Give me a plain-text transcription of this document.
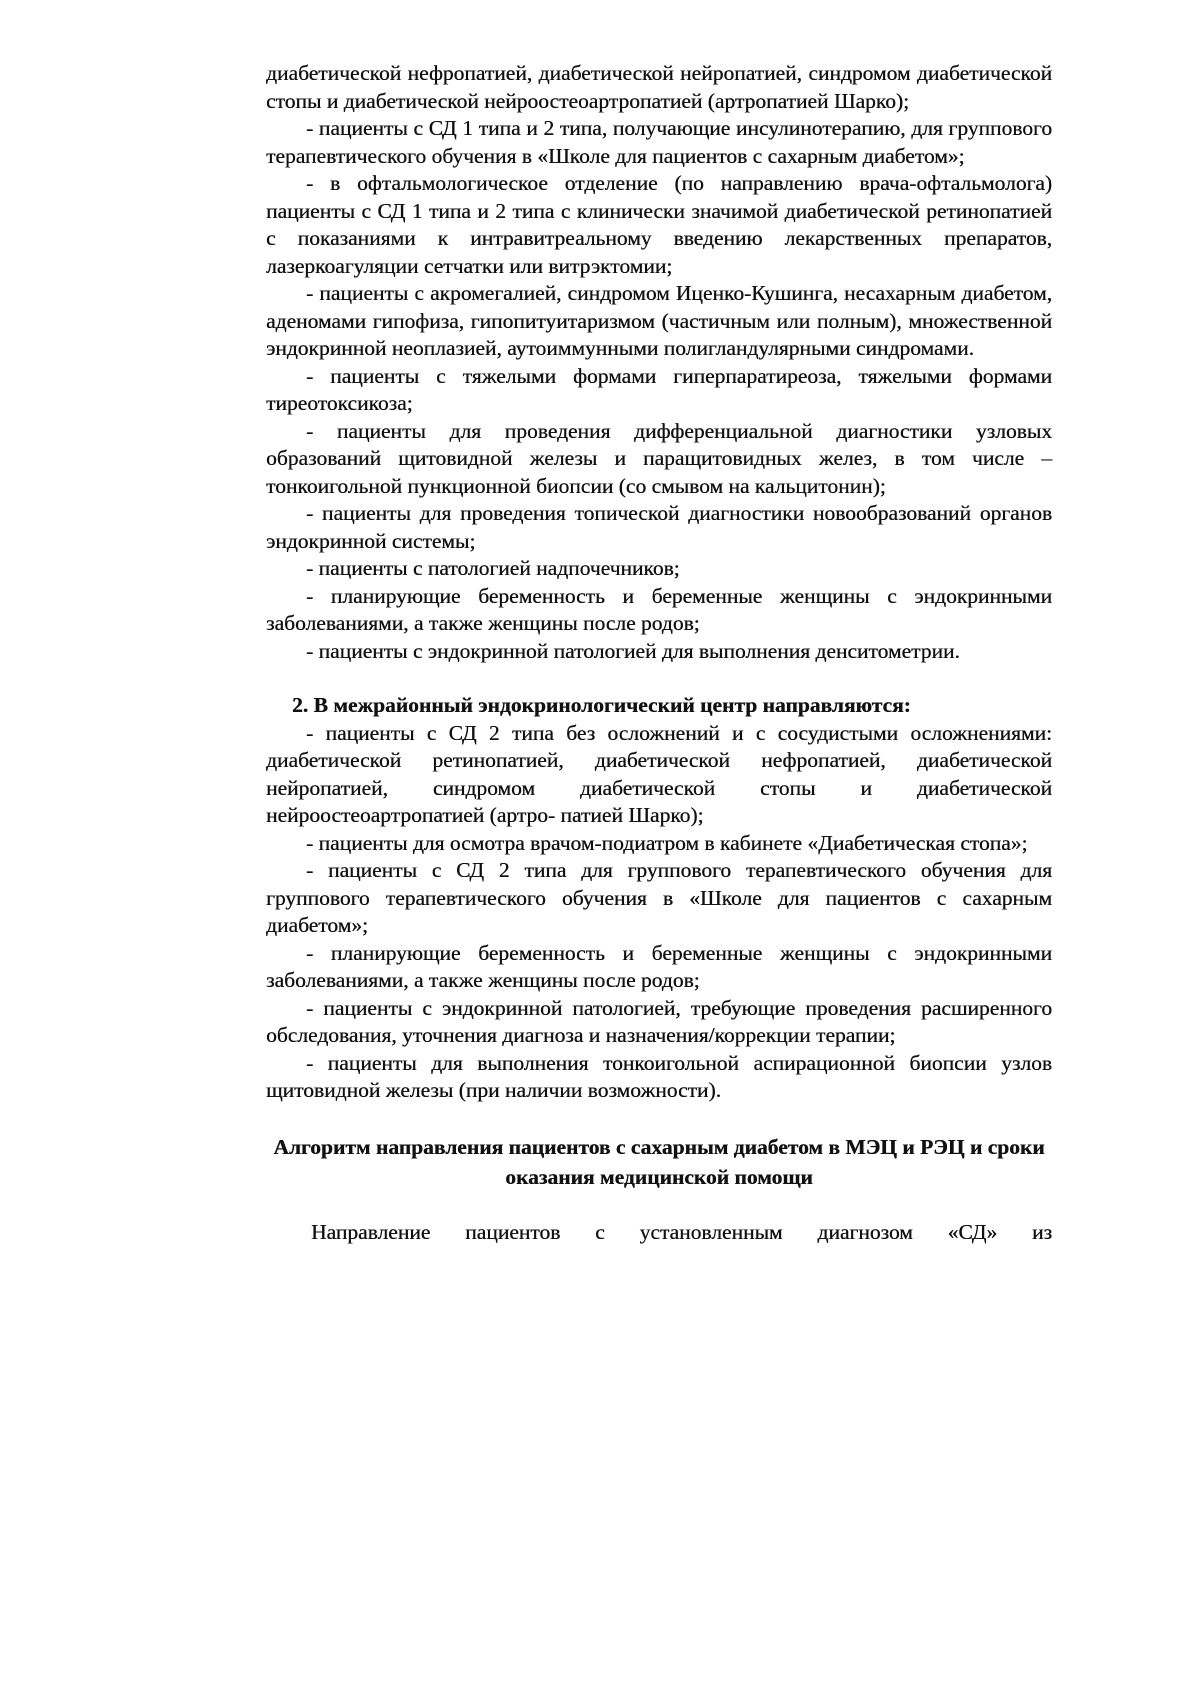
диабетической нефропатией, диабетической нейропатией, синдромом диабетической стопы и диабетической нейроостеоартропатией (артропатией Шарко);

- пациенты с СД 1 типа и 2 типа, получающие инсулинотерапию, для группового терапевтического обучения в «Школе для пациентов с сахарным диабетом»;

- в офтальмологическое отделение (по направлению врача-офтальмолога) пациенты с СД 1 типа и 2 типа с клинически значимой диабетической ретинопатией с показаниями к интравитреальному введению лекарственных препаратов, лазеркоагуляции сетчатки или витрэктомии;

- пациенты с акромегалией, синдромом Иценко-Кушинга, несахарным диабетом, аденомами гипофиза, гипопитуитаризмом (частичным или полным), множественной эндокринной неоплазией, аутоиммунными полигландулярными синдромами.

- пациенты с тяжелыми формами гиперпаратиреоза, тяжелыми формами тиреотоксикоза;

- пациенты для проведения дифференциальной диагностики узловых образований щитовидной железы и паращитовидных желез, в том числе – тонкоигольной пункционной биопсии (со смывом на кальцитонин);

- пациенты для проведения топической диагностики новообразований органов эндокринной системы;

- пациенты с патологией надпочечников;

- планирующие беременность и беременные женщины с эндокринными заболеваниями, а также женщины после родов;

- пациенты с эндокринной патологией для выполнения денситометрии.

2. В межрайонный эндокринологический центр направляются:

- пациенты с СД 2 типа без осложнений и с сосудистыми осложнениями: диабетической ретинопатией, диабетической нефропатией, диабетической нейропатией, синдромом диабетической стопы и диабетической нейроостеоартропатией (артро- патией Шарко);

- пациенты для осмотра врачом-подиатром в кабинете «Диабетическая стопа»;

- пациенты с СД 2 типа для группового терапевтического обучения для группового терапевтического обучения в «Школе для пациентов с сахарным диабетом»;

- планирующие беременность и беременные женщины с эндокринными заболеваниями, а также женщины после родов;

- пациенты с эндокринной патологией, требующие проведения расширенного обследования, уточнения диагноза и назначения/коррекции терапии;

- пациенты для выполнения тонкоигольной аспирационной биопсии узлов щитовидной железы (при наличии возможности).

Алгоритм направления пациентов с сахарным диабетом в МЭЦ и РЭЦ и сроки оказания медицинской помощи

Направление пациентов с установленным диагнозом «СД» из
